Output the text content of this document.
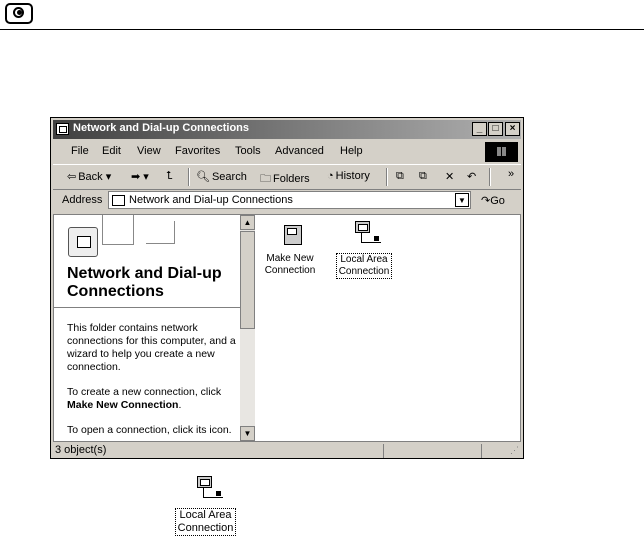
Network and Dial-up Connections	_	□	×
File Edit View Favorites Tools Advanced Help
⇦ Back ▾ ➡ ▾ ⮤ 🔍︎ Search 🗀 Folders ◔ History ⧉ ⧉ ✕ ↶	»
Address Network and Dial-up Connections	▼ ↷Go
Network and Dial-up Connections

This folder contains network connections for this computer, and a wizard to help you create a new connection.

To create a new connection, click Make New Connection.

To open a connection, click its icon.

▲
▼
Make New
Connection
Local Area
Connection
3 object(s)	⋰
Local Area
Connection
